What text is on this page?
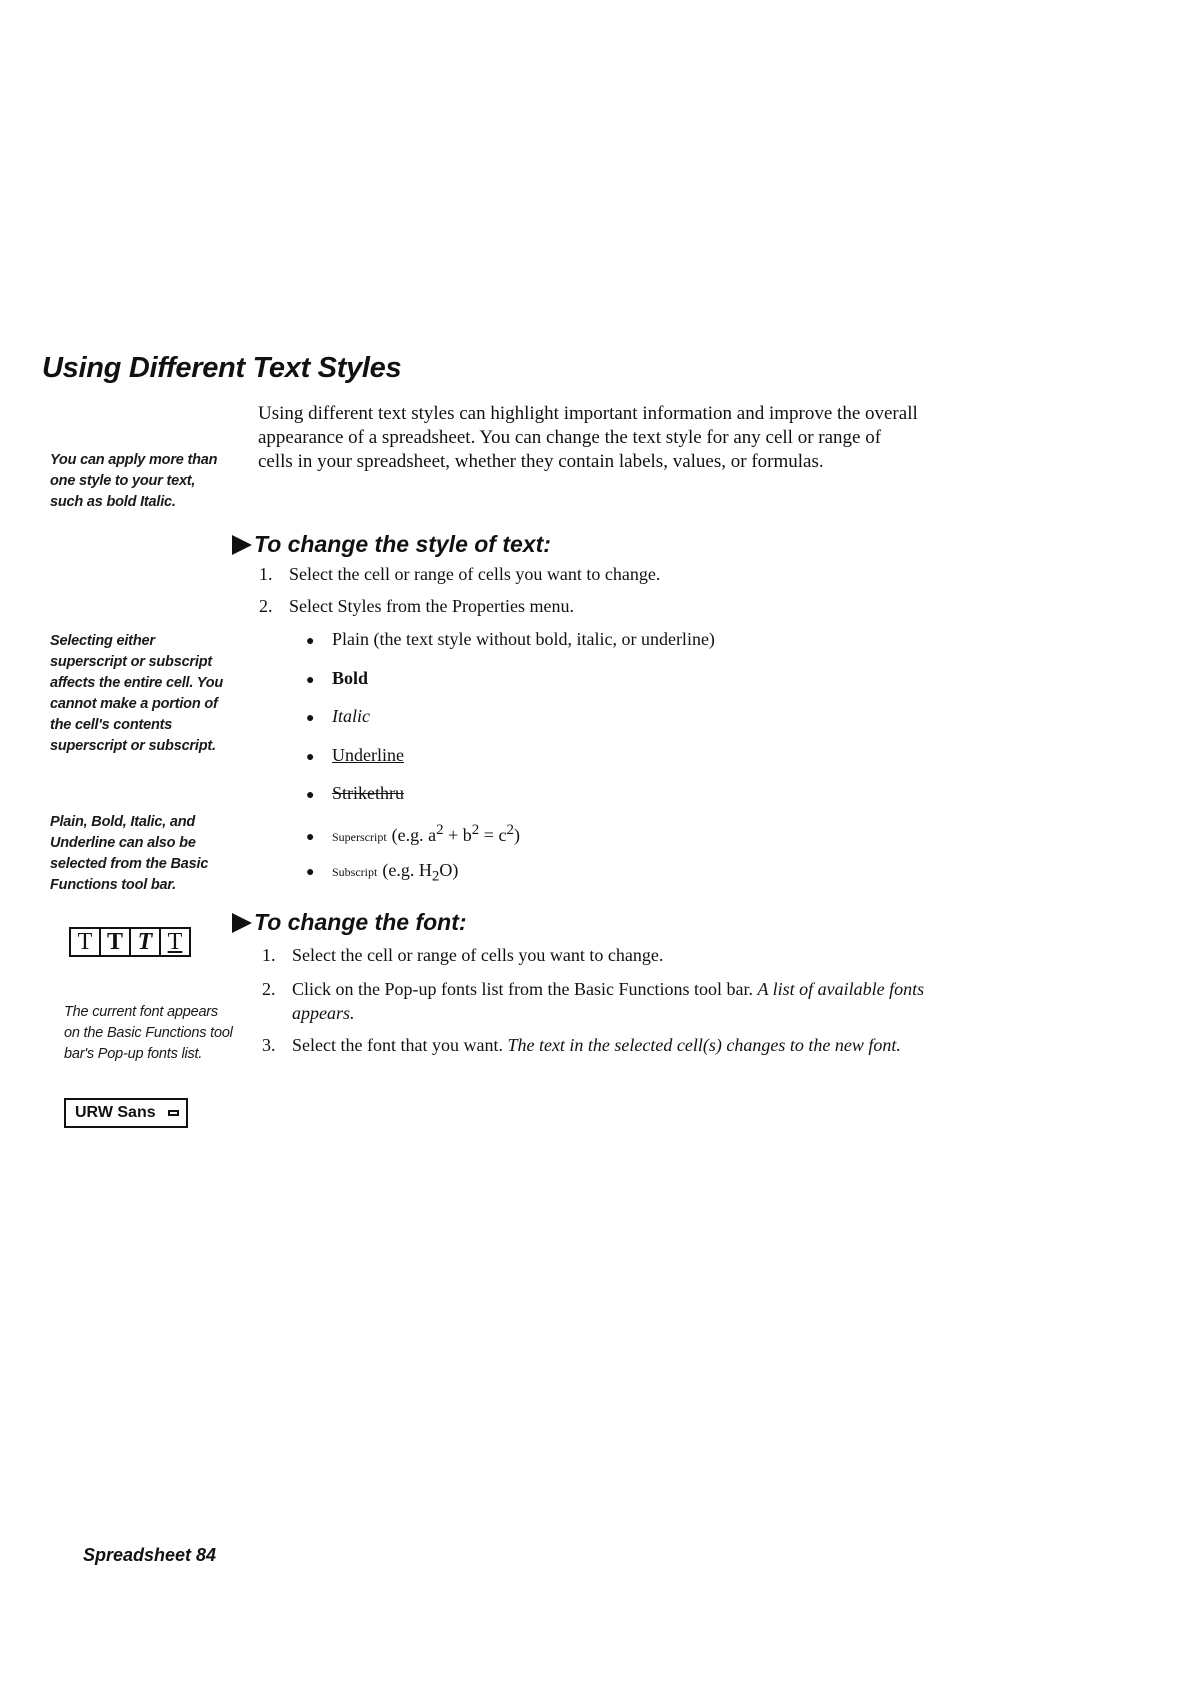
Using Different Text Styles

You can apply more than one style to your text, such as bold Italic.

Selecting either superscript or subscript affects the entire cell. You cannot make a portion of the cell's contents superscript or subscript.

Plain, Bold, Italic, and Underline can also be selected from the Basic Functions tool bar.

T T T T

The current font appears on the Basic Functions tool bar's Pop-up fonts list.

URW Sans

Using different text styles can highlight important information and improve the overall appearance of a spreadsheet. You can change the text style for any cell or range of cells in your spreadsheet, whether they contain labels, values, or formulas.

To change the style of text:
1. Select the cell or range of cells you want to change.
2. Select Styles from the Properties menu.
● Plain (the text style without bold, italic, or underline)
● Bold
● Italic
● Underline
● Strikethru
●	Superscript (e.g. $a^2 + b^2 = c^2$)
●	Subscript (e.g. $H_2O$)
To change the font:
1. Select the cell or range of cells you want to change.
2. Click on the Pop-up fonts list from the Basic Functions tool bar. A list of available fonts appears.
3. Select the font that you want. The text in the selected cell(s) changes to the new font.
Spreadsheet 84
